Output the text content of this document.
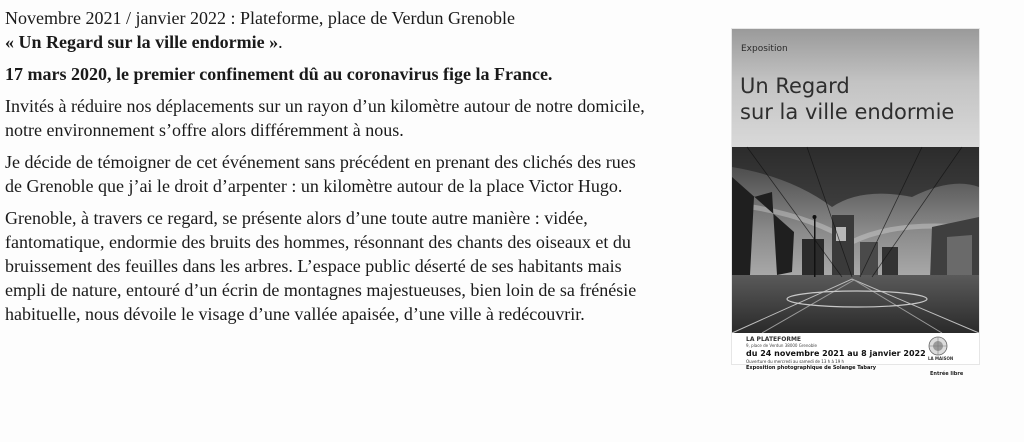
Novembre 2021 / janvier 2022 : Plateforme, place de Verdun Grenoble

« Un Regard sur la ville endormie ».

17 mars 2020, le premier confinement dû au coronavirus fige la France.

Invités à réduire nos déplacements sur un rayon d’un kilomètre autour de notre domicile, notre environnement s’offre alors différemment à nous.

Je décide de témoigner de cet événement sans précédent en prenant des clichés des rues de Grenoble que j’ai le droit d’arpenter : un kilomètre autour de la place Victor Hugo.

Grenoble, à travers ce regard, se présente alors d’une toute autre manière : vidée, fantomatique, endormie des bruits des hommes, résonnant des chants des oiseaux et du bruissement des feuilles dans les arbres. L’espace public déserté de ses habitants mais empli de nature, entouré d’un écrin de montagnes majestueuses, bien loin de sa frénésie habituelle, nous dévoile le visage d’une vallée apaisée, d’une ville à redécouvrir.

Exposition
Un Regard
sur la ville endormie
LA PLATEFORME
9, place de Verdun 38000 Grenoble
du 24 novembre 2021 au 8 janvier 2022
Ouverture du mercredi au samedi de 13 h à 19 h
Exposition photographique de Solange Tabary
LA MAISON
Entrée libre
